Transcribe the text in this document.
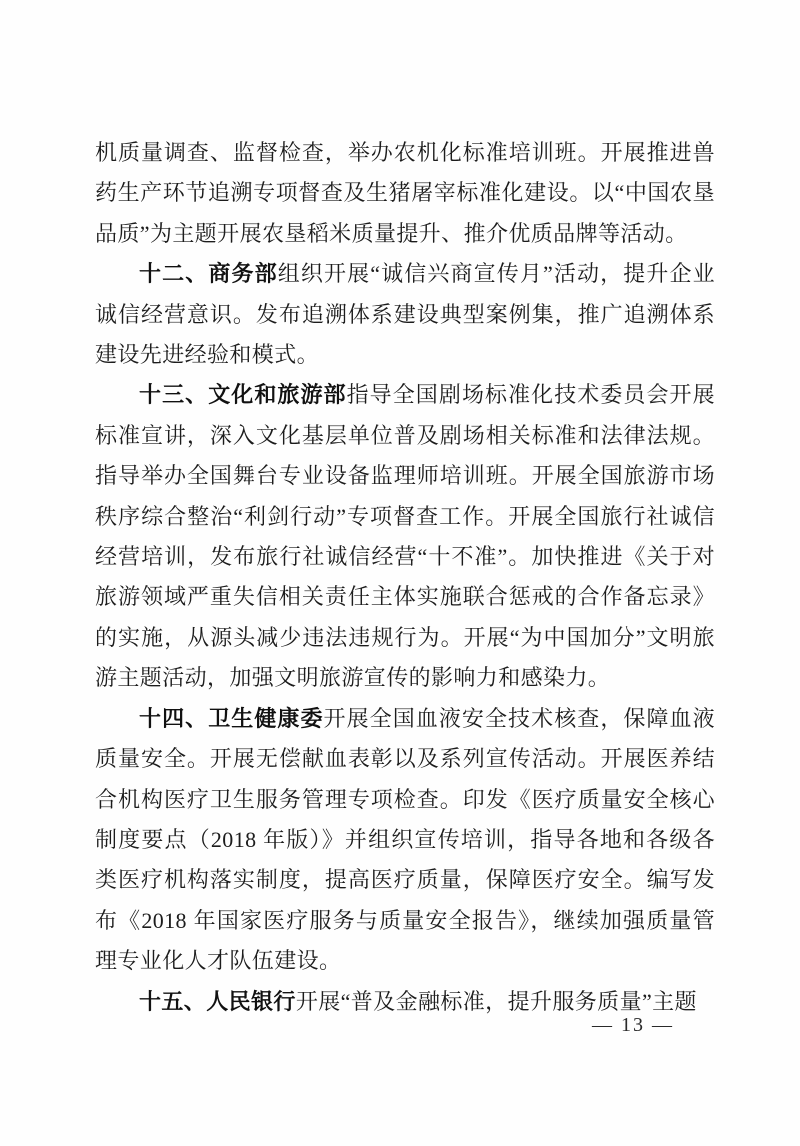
机质量调查、监督检查，举办农机化标准培训班。开展推进兽药生产环节追溯专项督查及生猪屠宰标准化建设。以“中国农垦品质”为主题开展农垦稻米质量提升、推介优质品牌等活动。

十二、商务部组织开展“诚信兴商宣传月”活动，提升企业诚信经营意识。发布追溯体系建设典型案例集，推广追溯体系建设先进经验和模式。

十三、文化和旅游部指导全国剧场标准化技术委员会开展标准宣讲，深入文化基层单位普及剧场相关标准和法律法规。指导举办全国舞台专业设备监理师培训班。开展全国旅游市场秩序综合整治“利剑行动”专项督查工作。开展全国旅行社诚信经营培训，发布旅行社诚信经营“十不准”。加快推进《关于对旅游领域严重失信相关责任主体实施联合惩戒的合作备忘录》的实施，从源头减少违法违规行为。开展“为中国加分”文明旅游主题活动，加强文明旅游宣传的影响力和感染力。

十四、卫生健康委开展全国血液安全技术核查，保障血液质量安全。开展无偿献血表彰以及系列宣传活动。开展医养结合机构医疗卫生服务管理专项检查。印发《医疗质量安全核心制度要点（2018 年版）》并组织宣传培训，指导各地和各级各类医疗机构落实制度，提高医疗质量，保障医疗安全。编写发布《2018 年国家医疗服务与质量安全报告》，继续加强质量管理专业化人才队伍建设。

十五、人民银行开展“普及金融标准，提升服务质量”主题

— 13 —
